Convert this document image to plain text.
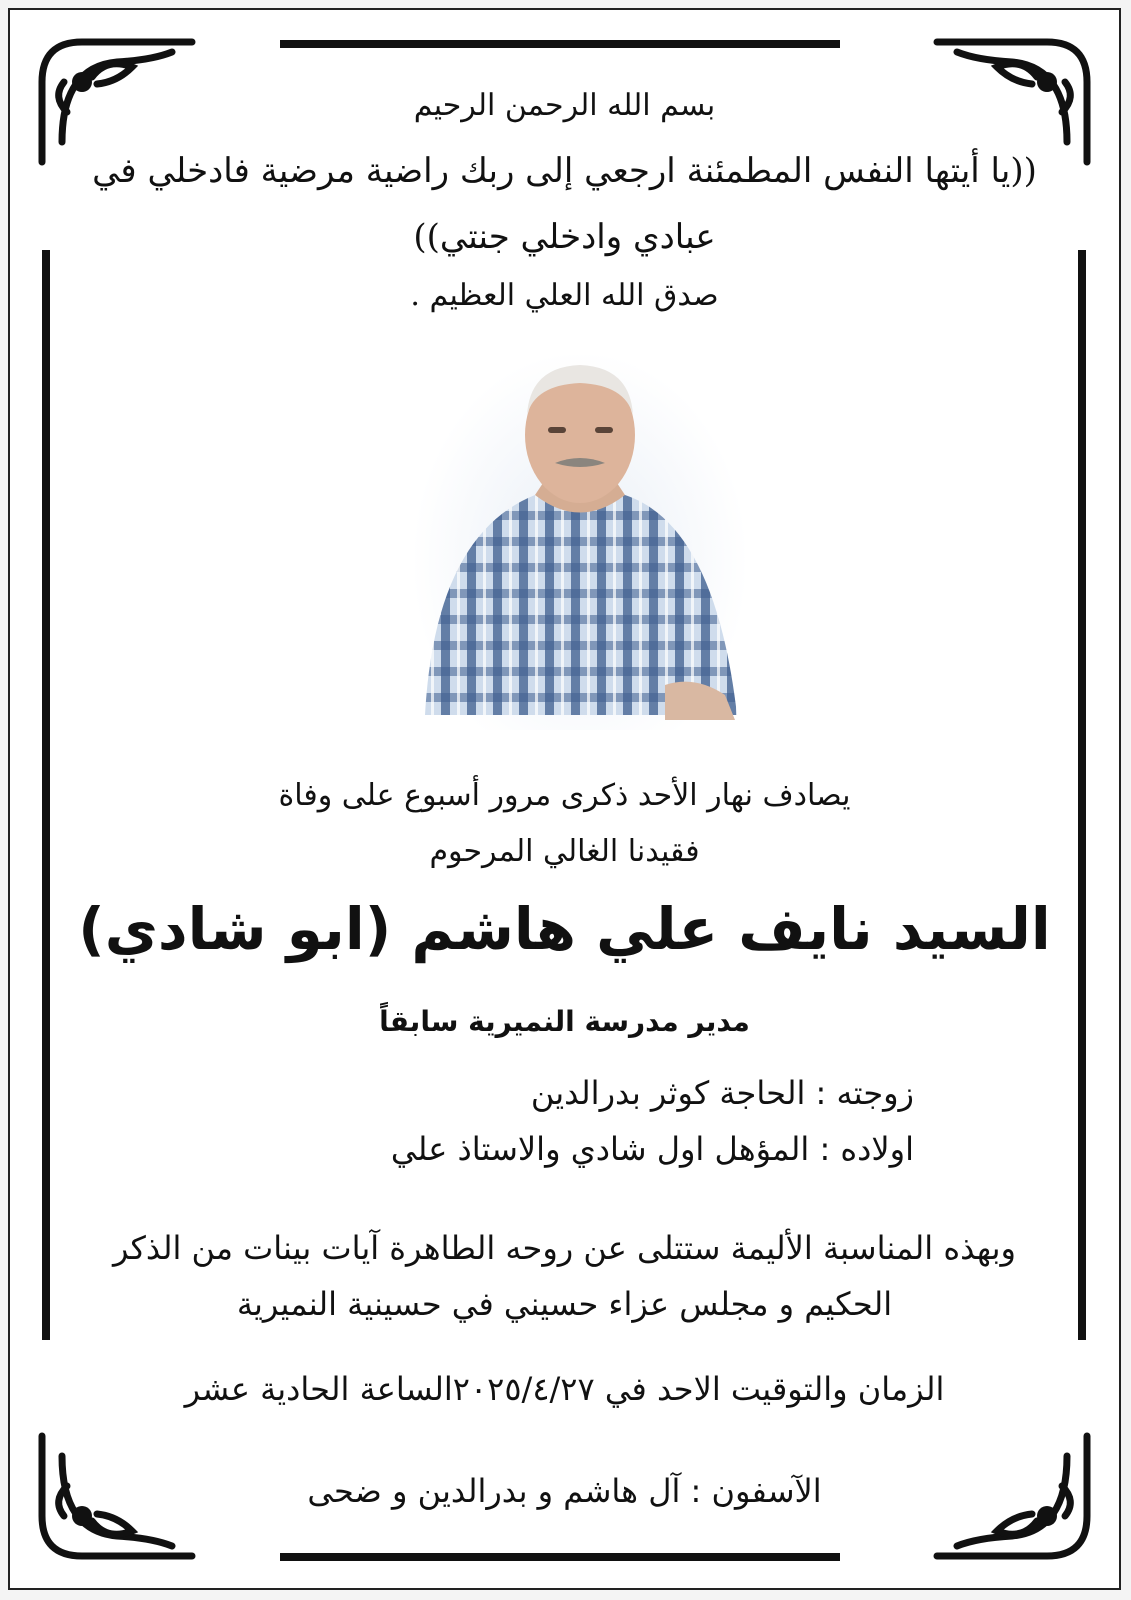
بسم الله الرحمن الرحيم
((يا أيتها النفس المطمئنة ارجعي إلى ربك راضية مرضية فادخلي في عبادي وادخلي جنتي))
صدق الله العلي العظيم .
يصادف نهار الأحد ذكرى مرور أسبوع على وفاة
فقيدنا الغالي المرحوم
السيد نايف علي هاشم (ابو شادي)
مدير مدرسة النميرية سابقاً
زوجته : الحاجة كوثر بدرالدين
اولاده : المؤهل اول شادي والاستاذ علي
وبهذه المناسبة الأليمة ستتلى عن روحه الطاهرة آيات بينات من الذكر
الحكيم و مجلس عزاء حسيني في حسينية النميرية
الزمان والتوقيت الاحد في ٢٠٢٥/٤/٢٧الساعة الحادية عشر
الآسفون : آل هاشم و بدرالدين و ضحى
